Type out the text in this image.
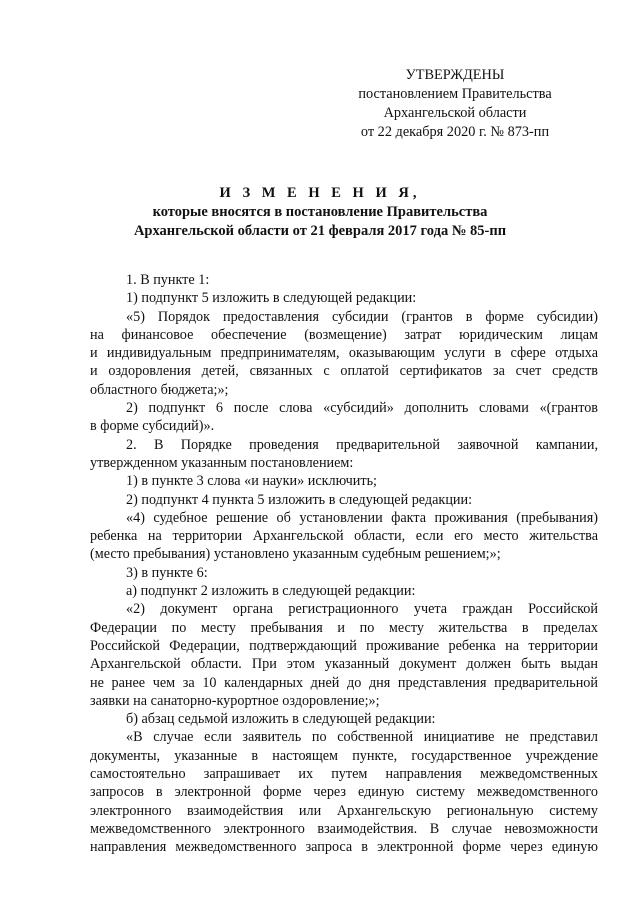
УТВЕРЖДЕНЫ
постановлением Правительства
Архангельской области
от 22 декабря 2020 г. № 873-пп
И З М Е Н Е Н И Я,
которые вносятся в постановление Правительства
Архангельской области от 21 февраля 2017 года № 85-пп
1. В пункте 1:
1) подпункт 5 изложить в следующей редакции:
«5) Порядок предоставления субсидии (грантов в форме субсидии)
на финансовое обеспечение (возмещение) затрат юридическим лицам
и индивидуальным предпринимателям, оказывающим услуги в сфере отдыха
и оздоровления детей, связанных с оплатой сертификатов за счет средств
областного бюджета;»;
2) подпункт 6 после слова «субсидий» дополнить словами «(грантов
в форме субсидий)».
2. В Порядке проведения предварительной заявочной кампании,
утвержденном указанным постановлением:
1) в пункте 3 слова «и науки» исключить;
2) подпункт 4 пункта 5 изложить в следующей редакции:
«4) судебное решение об установлении факта проживания (пребывания)
ребенка на территории Архангельской области, если его место жительства
(место пребывания) установлено указанным судебным решением;»;
3) в пункте 6:
а) подпункт 2 изложить в следующей редакции:
«2) документ органа регистрационного учета граждан Российской
Федерации по месту пребывания и по месту жительства в пределах
Российской Федерации, подтверждающий проживание ребенка на территории
Архангельской области. При этом указанный документ должен быть выдан
не ранее чем за 10 календарных дней до дня представления предварительной
заявки на санаторно-курортное оздоровление;»;
б) абзац седьмой изложить в следующей редакции:
«В случае если заявитель по собственной инициативе не представил
документы, указанные в настоящем пункте, государственное учреждение
самостоятельно запрашивает их путем направления межведомственных
запросов в электронной форме через единую систему межведомственного
электронного взаимодействия или Архангельскую региональную систему
межведомственного электронного взаимодействия. В случае невозможности
направления межведомственного запроса в электронной форме через единую
